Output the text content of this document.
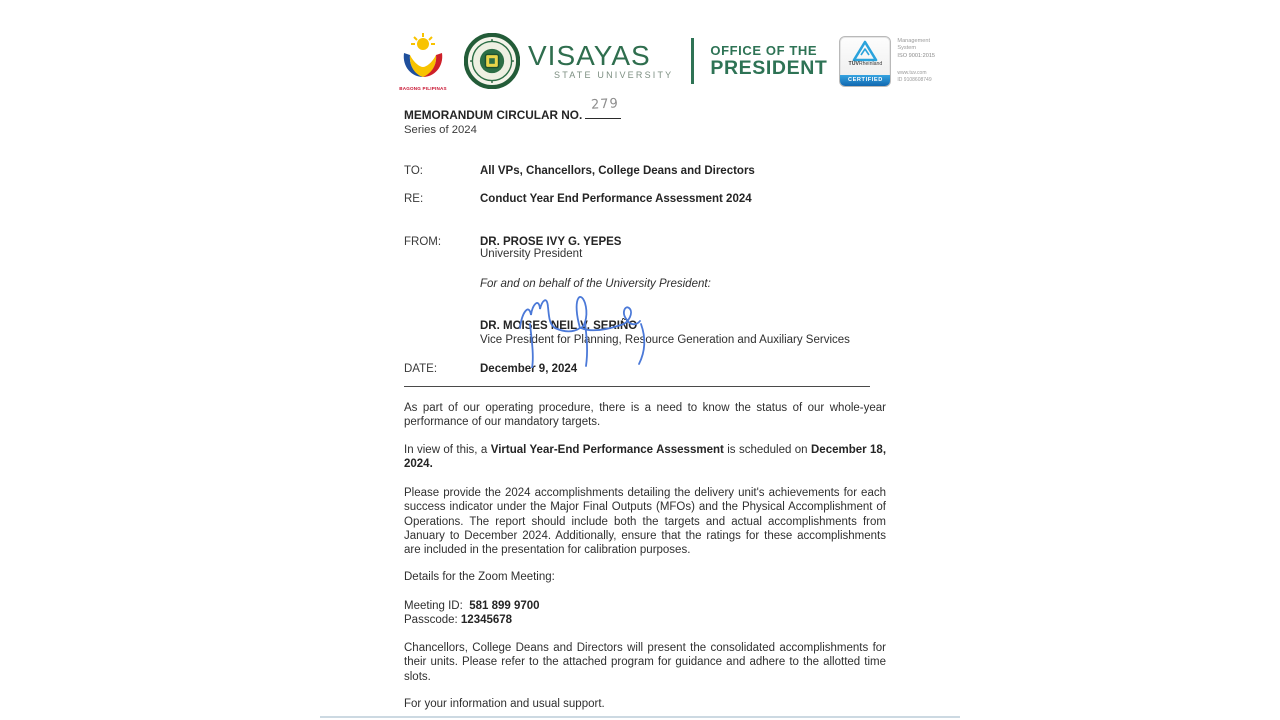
BAGONG PILIPINAS
VISAYAS
STATE UNIVERSITY
OFFICE OF THE
PRESIDENT	TÜVRheinland
CERTIFIED
Management
System
ISO 9001:2015
www.tuv.com
ID 9108608749
MEMORANDUM CIRCULAR NO.
279
Series of 2024
TO:	All VPs, Chancellors, College Deans and Directors
RE:	Conduct Year End Performance Assessment 2024
FROM:	DR. PROSE IVY G. YEPES
University President
For and on behalf of the University President:
DR. MOISES NEIL V. SERIÑO
Vice President for Planning, Resource Generation and Auxiliary Services
DATE:	December 9, 2024
As part of our operating procedure, there is a need to know the status of our whole-year performance of our mandatory targets.
In view of this, a Virtual Year-End Performance Assessment is scheduled on December 18, 2024.
Please provide the 2024 accomplishments detailing the delivery unit's achievements for each success indicator under the Major Final Outputs (MFOs) and the Physical Accomplishment of Operations. The report should include both the targets and actual accomplishments from January to December 2024. Additionally, ensure that the ratings for these accomplishments are included in the presentation for calibration purposes.
Details for the Zoom Meeting:
Meeting ID: 581 899 9700
Passcode: 12345678
Chancellors, College Deans and Directors will present the consolidated accomplishments for their units. Please refer to the attached program for guidance and adhere to the allotted time slots.
For your information and usual support.
